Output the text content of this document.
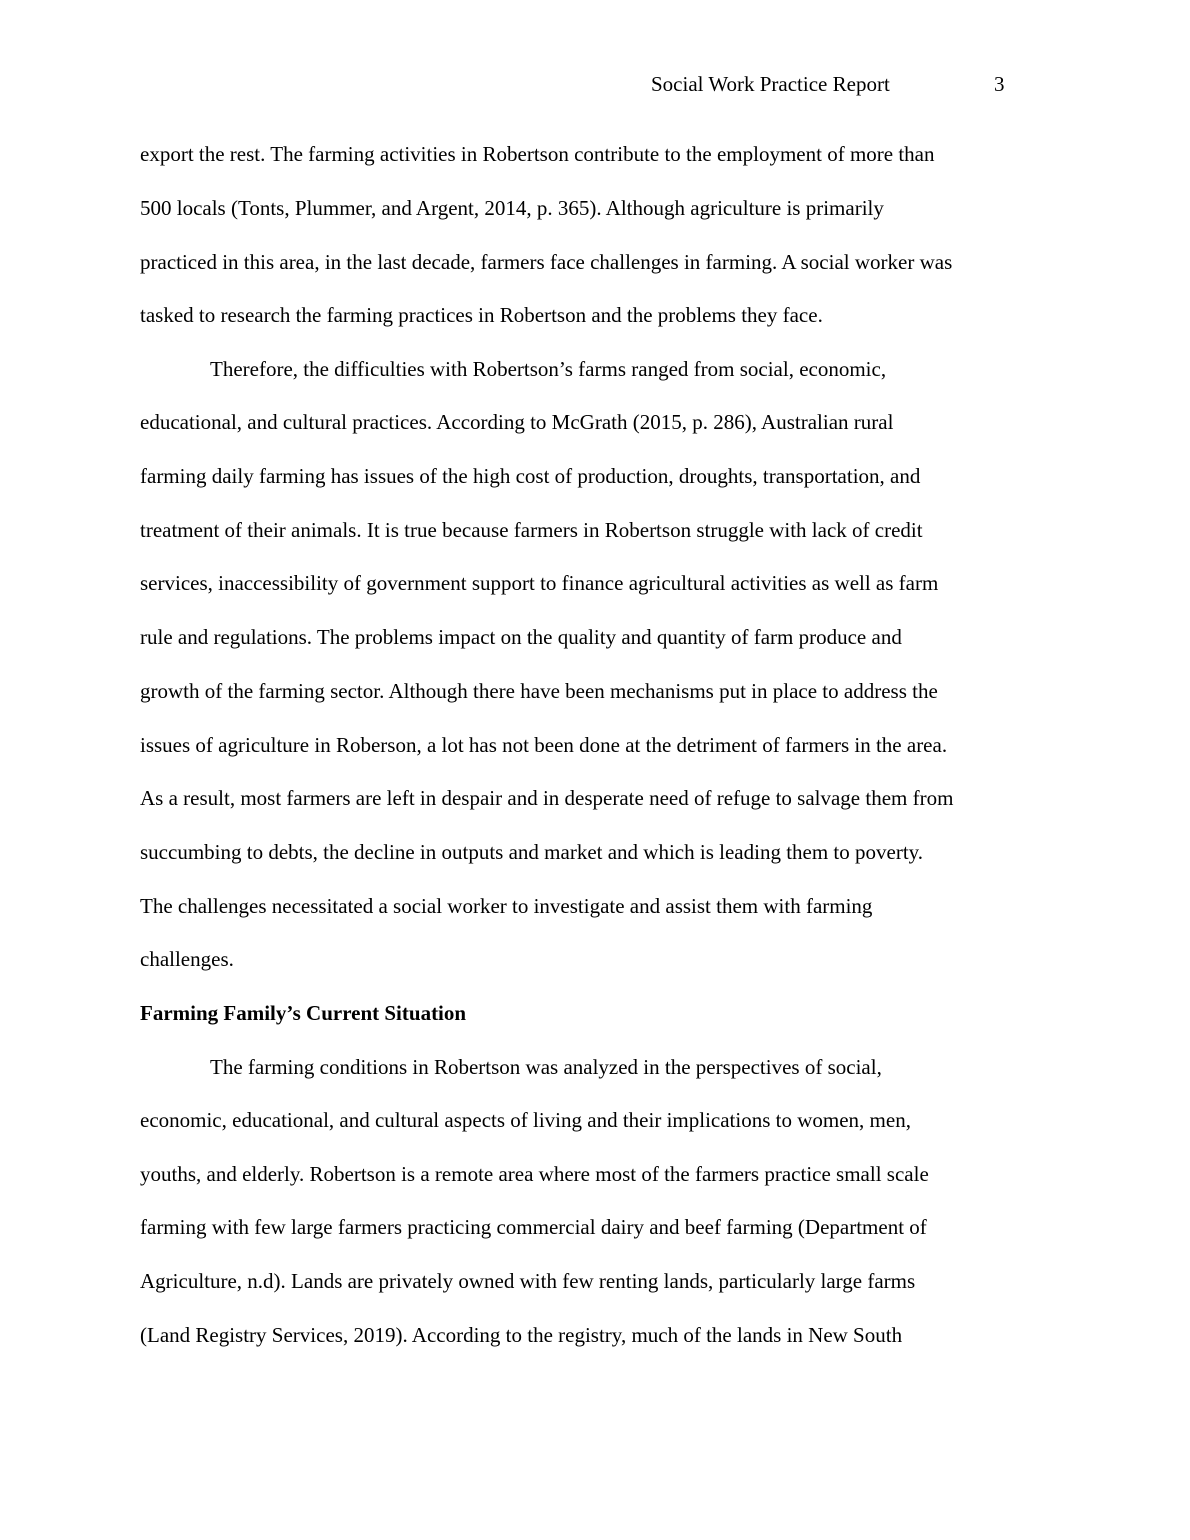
Social Work Practice Report	3
export the rest. The farming activities in Robertson contribute to the employment of more than
500 locals (Tonts, Plummer, and Argent, 2014, p. 365). Although agriculture is primarily
practiced in this area, in the last decade, farmers face challenges in farming. A social worker was
tasked to research the farming practices in Robertson and the problems they face.
Therefore, the difficulties with Robertson’s farms ranged from social, economic,
educational, and cultural practices. According to McGrath (2015, p. 286), Australian rural
farming daily farming has issues of the high cost of production, droughts, transportation, and
treatment of their animals. It is true because farmers in Robertson struggle with lack of credit
services, inaccessibility of government support to finance agricultural activities as well as farm
rule and regulations. The problems impact on the quality and quantity of farm produce and
growth of the farming sector. Although there have been mechanisms put in place to address the
issues of agriculture in Roberson, a lot has not been done at the detriment of farmers in the area.
As a result, most farmers are left in despair and in desperate need of refuge to salvage them from
succumbing to debts, the decline in outputs and market and which is leading them to poverty.
The challenges necessitated a social worker to investigate and assist them with farming
challenges.
Farming Family’s Current Situation
The farming conditions in Robertson was analyzed in the perspectives of social,
economic, educational, and cultural aspects of living and their implications to women, men,
youths, and elderly. Robertson is a remote area where most of the farmers practice small scale
farming with few large farmers practicing commercial dairy and beef farming (Department of
Agriculture, n.d). Lands are privately owned with few renting lands, particularly large farms
(Land Registry Services, 2019). According to the registry, much of the lands in New South
